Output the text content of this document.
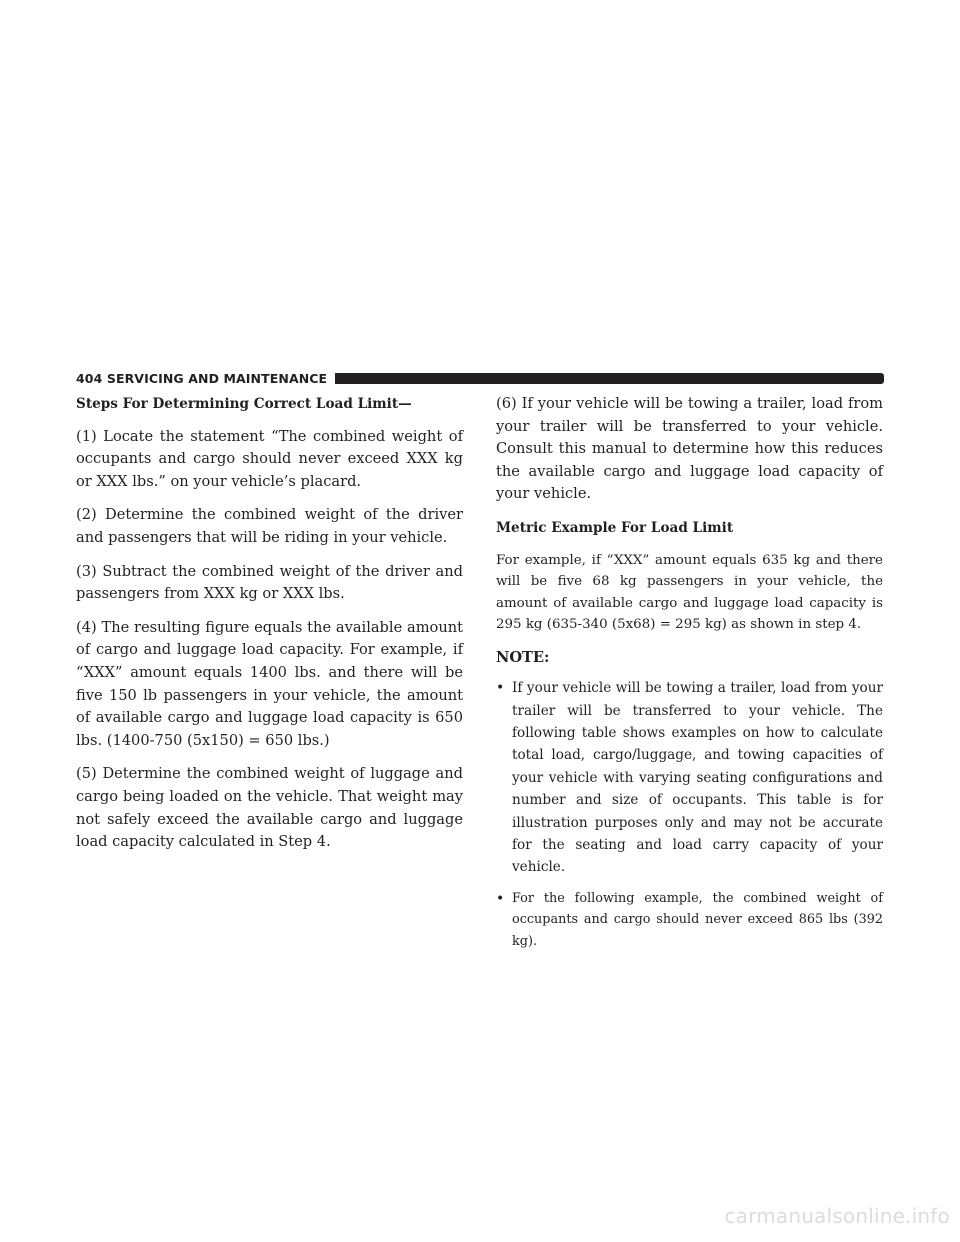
404 SERVICING AND MAINTENANCE
Steps For Determining Correct Load Limit—

(1) Locate the statement “The combined weight of occupants and cargo should never exceed XXX kg or XXX lbs.” on your vehicle’s placard.

(2) Determine the combined weight of the driver and passengers that will be riding in your vehicle.

(3) Subtract the combined weight of the driver and passengers from XXX kg or XXX lbs.

(4) The resulting figure equals the available amount of cargo and luggage load capacity. For example, if “XXX” amount equals 1400 lbs. and there will be five 150 lb passengers in your vehicle, the amount of available cargo and luggage load capacity is 650 lbs. (1400-750 (5x150) = 650 lbs.)

(5) Determine the combined weight of luggage and cargo being loaded on the vehicle. That weight may not safely exceed the available cargo and luggage load capacity calculated in Step 4.

(6) If your vehicle will be towing a trailer, load from your trailer will be transferred to your vehicle. Consult this manual to determine how this reduces the available cargo and luggage load capacity of your vehicle.

Metric Example For Load Limit

For example, if “XXX” amount equals 635 kg and there will be five 68 kg passengers in your vehicle, the amount of available cargo and luggage load capacity is 295 kg (635-340 (5x68) = 295 kg) as shown in step 4.

NOTE:
• If your vehicle will be towing a trailer, load from your trailer will be transferred to your vehicle. The following table shows examples on how to calculate total load, cargo/luggage, and towing capacities of your vehicle with varying seating configurations and number and size of occupants. This table is for illustration purposes only and may not be accurate for the seating and load carry capacity of your vehicle.
• For the following example, the combined weight of occupants and cargo should never exceed 865 lbs (392 kg).
carmanualsonline.info
